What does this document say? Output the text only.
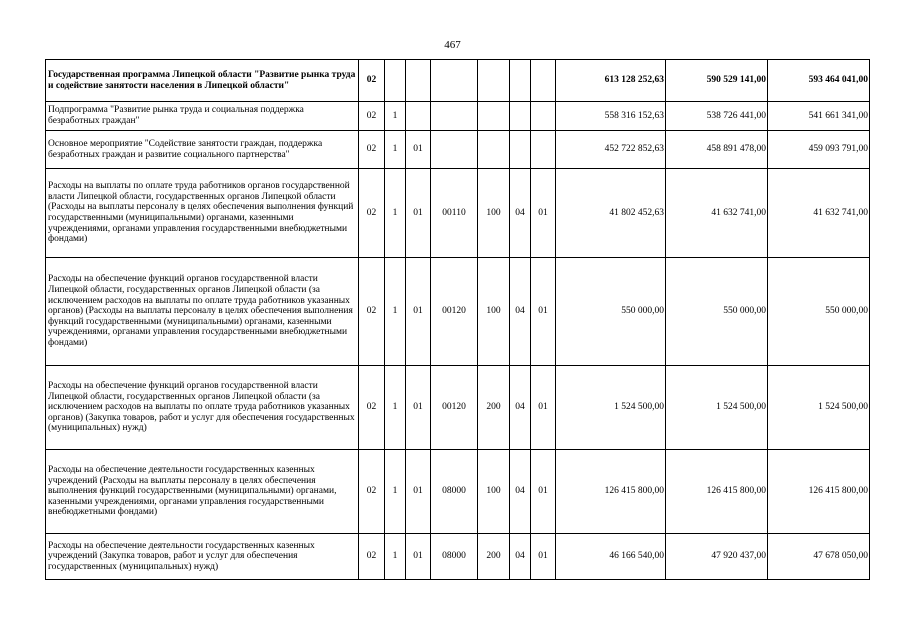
467
Государственная программа Липецкой области "Развитие рынка труда и содействие занятости населения в Липецкой области"	02							613 128 252,63	590 529 141,00	593 464 041,00
Подпрограмма "Развитие рынка труда и социальная поддержка безработных граждан"	02	1						558 316 152,63	538 726 441,00	541 661 341,00
Основное мероприятие "Содействие занятости граждан, поддержка безработных граждан и развитие социального партнерства"	02	1	01					452 722 852,63	458 891 478,00	459 093 791,00
Расходы на выплаты по оплате труда работников органов государственной власти Липецкой области, государственных органов Липецкой области (Расходы на выплаты персоналу в целях обеспечения выполнения функций государственными (муниципальными) органами, казенными учреждениями, органами управления государственными внебюджетными фондами)	02	1	01	00110	100	04	01	41 802 452,63	41 632 741,00	41 632 741,00
Расходы на обеспечение функций органов государственной власти Липецкой области, государственных органов Липецкой области (за исключением расходов на выплаты по оплате труда работников указанных органов) (Расходы на выплаты персоналу в целях обеспечения выполнения функций государственными (муниципальными) органами, казенными учреждениями, органами управления государственными внебюджетными фондами)	02	1	01	00120	100	04	01	550 000,00	550 000,00	550 000,00
Расходы на обеспечение функций органов государственной власти Липецкой области, государственных органов Липецкой области (за исключением расходов на выплаты по оплате труда работников указанных органов) (Закупка товаров, работ и услуг для обеспечения государственных (муниципальных) нужд)	02	1	01	00120	200	04	01	1 524 500,00	1 524 500,00	1 524 500,00
Расходы на обеспечение деятельности государственных казенных учреждений (Расходы на выплаты персоналу в целях обеспечения выполнения функций государственными (муниципальными) органами, казенными учреждениями, органами управления государственными внебюджетными фондами)	02	1	01	08000	100	04	01	126 415 800,00	126 415 800,00	126 415 800,00
Расходы на обеспечение деятельности государственных казенных учреждений (Закупка товаров, работ и услуг для обеспечения государственных (муниципальных) нужд)	02	1	01	08000	200	04	01	46 166 540,00	47 920 437,00	47 678 050,00
